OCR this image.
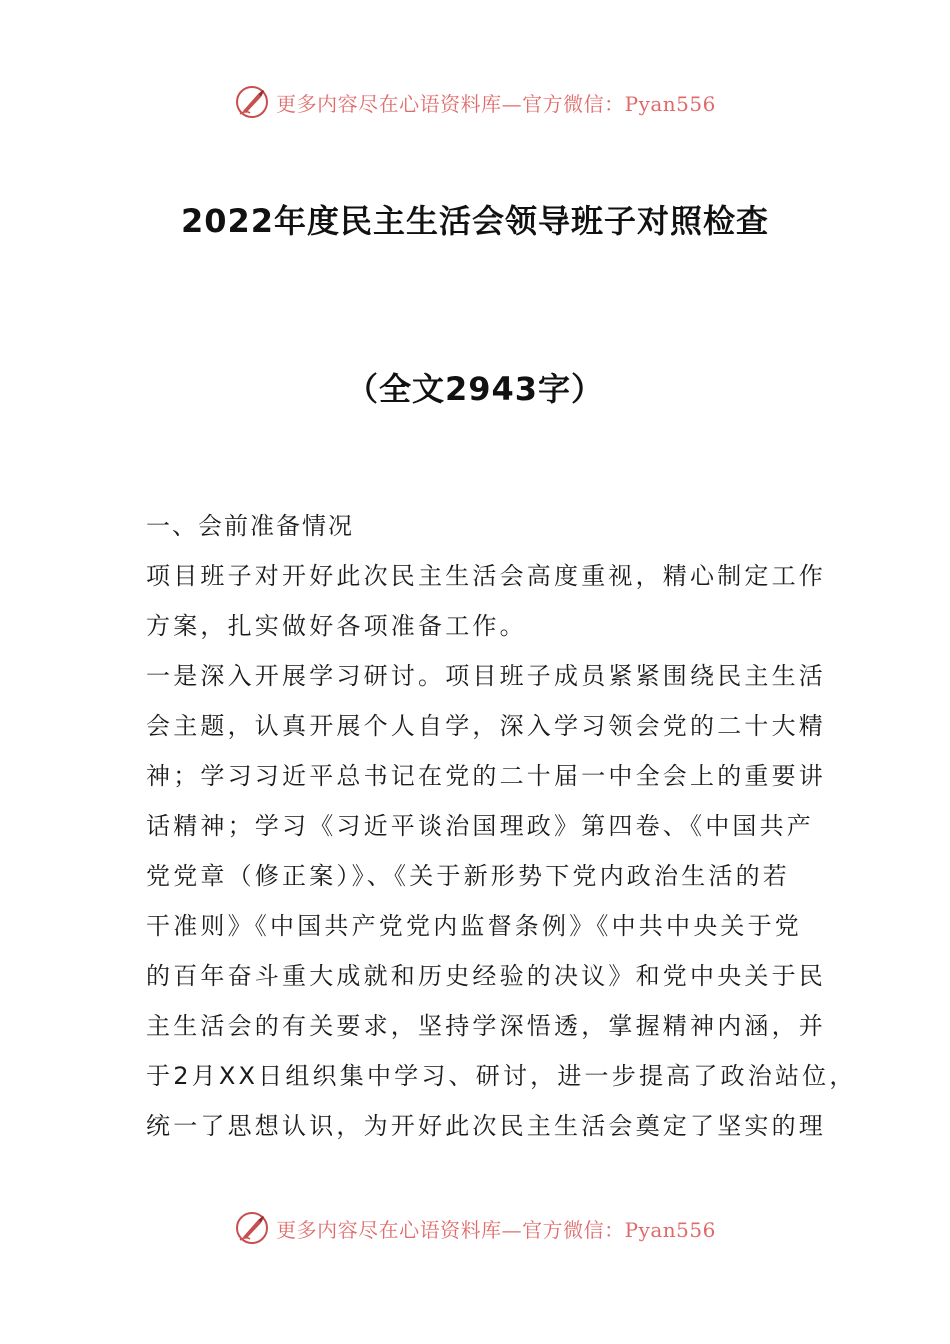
更多内容尽在心语资料库—官方微信：Pyan556
2022年度民主生活会领导班子对照检查
（全文2943字）
一、会前准备情况
项目班子对开好此次民主生活会高度重视，精心制定工作
方案，扎实做好各项准备工作。
一是深入开展学习研讨。项目班子成员紧紧围绕民主生活
会主题，认真开展个人自学，深入学习领会党的二十大精
神；学习习近平总书记在党的二十届一中全会上的重要讲
话精神；学习《习近平谈治国理政》第四卷、《中国共产
党党章（修正案）》、《关于新形势下党内政治生活的若
干准则》《中国共产党党内监督条例》《中共中央关于党
的百年奋斗重大成就和历史经验的决议》和党中央关于民
主生活会的有关要求，坚持学深悟透，掌握精神内涵，并
于2月XX日组织集中学习、研讨，进一步提高了政治站位，
统一了思想认识，为开好此次民主生活会奠定了坚实的理
更多内容尽在心语资料库—官方微信：Pyan556
